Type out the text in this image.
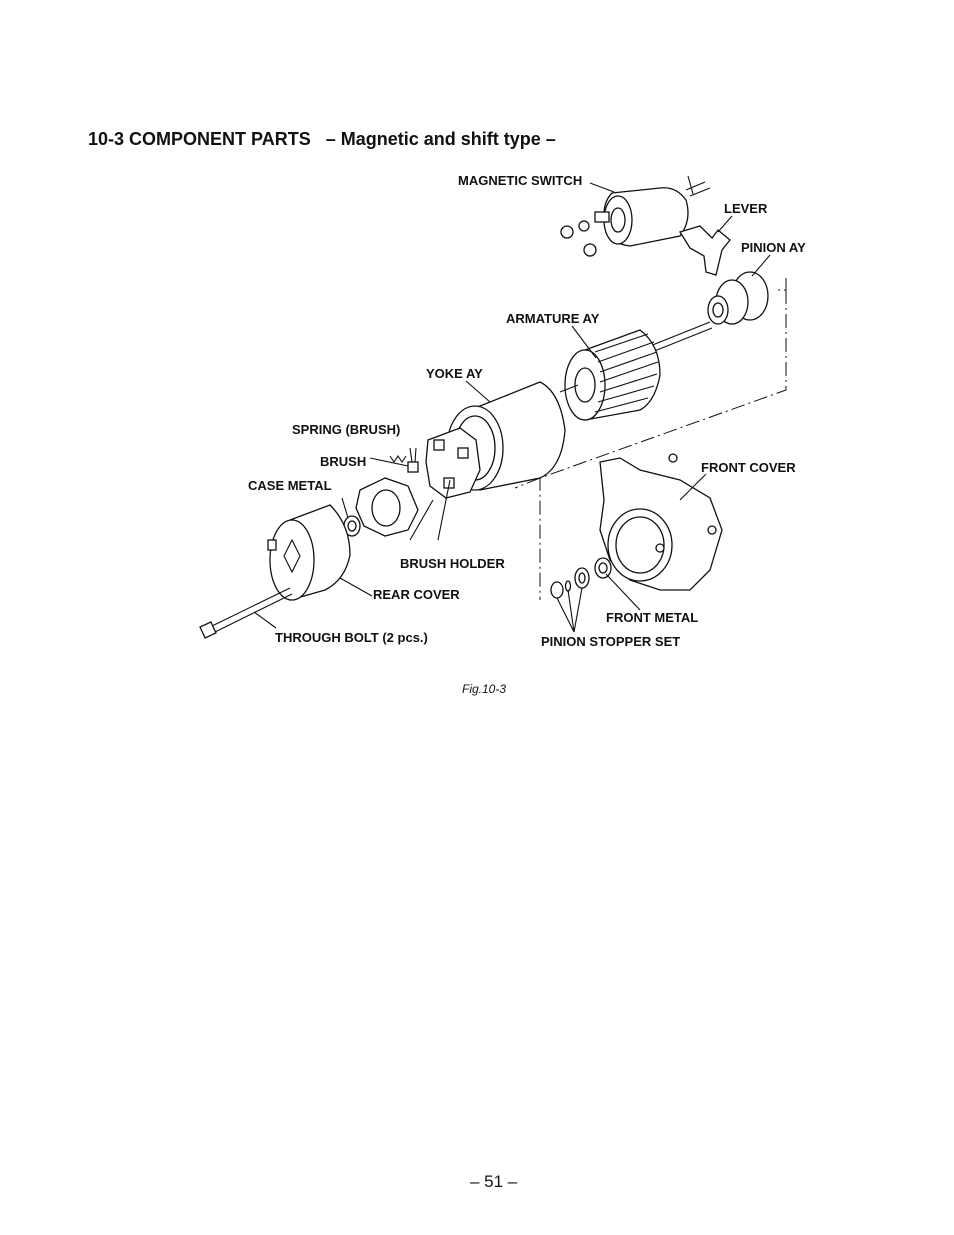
10-3 COMPONENT PARTS – Magnetic and shift type –
MAGNETIC SWITCH
LEVER
PINION AY
ARMATURE AY
YOKE AY
SPRING (BRUSH)
BRUSH
CASE METAL
FRONT COVER
BRUSH HOLDER
REAR COVER
FRONT METAL
THROUGH BOLT (2 pcs.)	PINION STOPPER SET
Fig.10-3
– 51 –
